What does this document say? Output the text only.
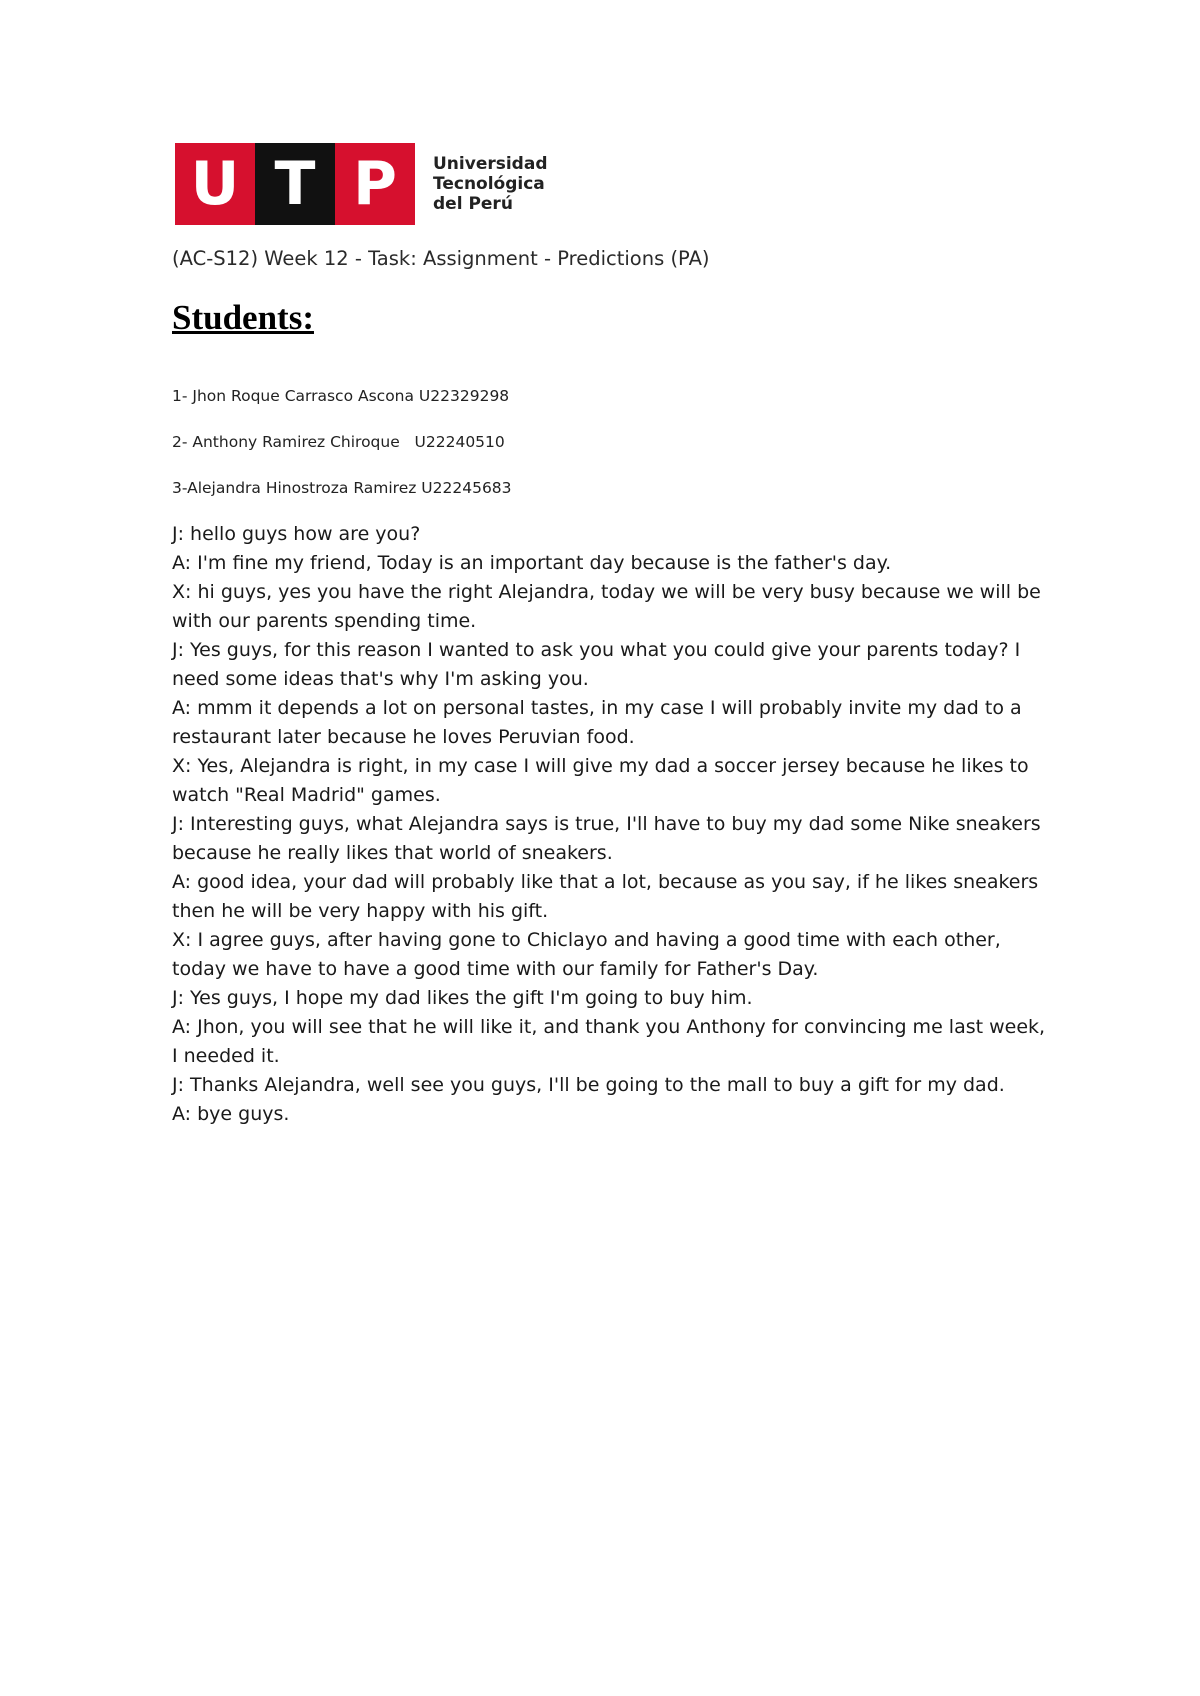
U T P	Universidad
Tecnológica
del Perú
(AC-S12) Week 12 - Task: Assignment - Predictions (PA)
Students:
1- Jhon Roque Carrasco Ascona U22329298
2- Anthony Ramirez Chiroque   U22240510
3-Alejandra Hinostroza Ramirez U22245683

J: hello guys how are you?

A: I'm fine my friend, Today is an important day because is the father's day.

X: hi guys, yes you have the right Alejandra, today we will be very busy because we will be with our parents spending time.

J: Yes guys, for this reason I wanted to ask you what you could give your parents today? I need some ideas that's why I'm asking you.

A: mmm it depends a lot on personal tastes, in my case I will probably invite my dad to a restaurant later because he loves Peruvian food.

X: Yes, Alejandra is right, in my case I will give my dad a soccer jersey because he likes to watch "Real Madrid" games.

J: Interesting guys, what Alejandra says is true, I'll have to buy my dad some Nike sneakers because he really likes that world of sneakers.

A: good idea, your dad will probably like that a lot, because as you say, if he likes sneakers then he will be very happy with his gift.

X: I agree guys, after having gone to Chiclayo and having a good time with each other, today we have to have a good time with our family for Father's Day.

J: Yes guys, I hope my dad likes the gift I'm going to buy him.

A: Jhon, you will see that he will like it, and thank you Anthony for convincing me last week, I needed it.

J: Thanks Alejandra, well see you guys, I'll be going to the mall to buy a gift for my dad.

A: bye guys.
